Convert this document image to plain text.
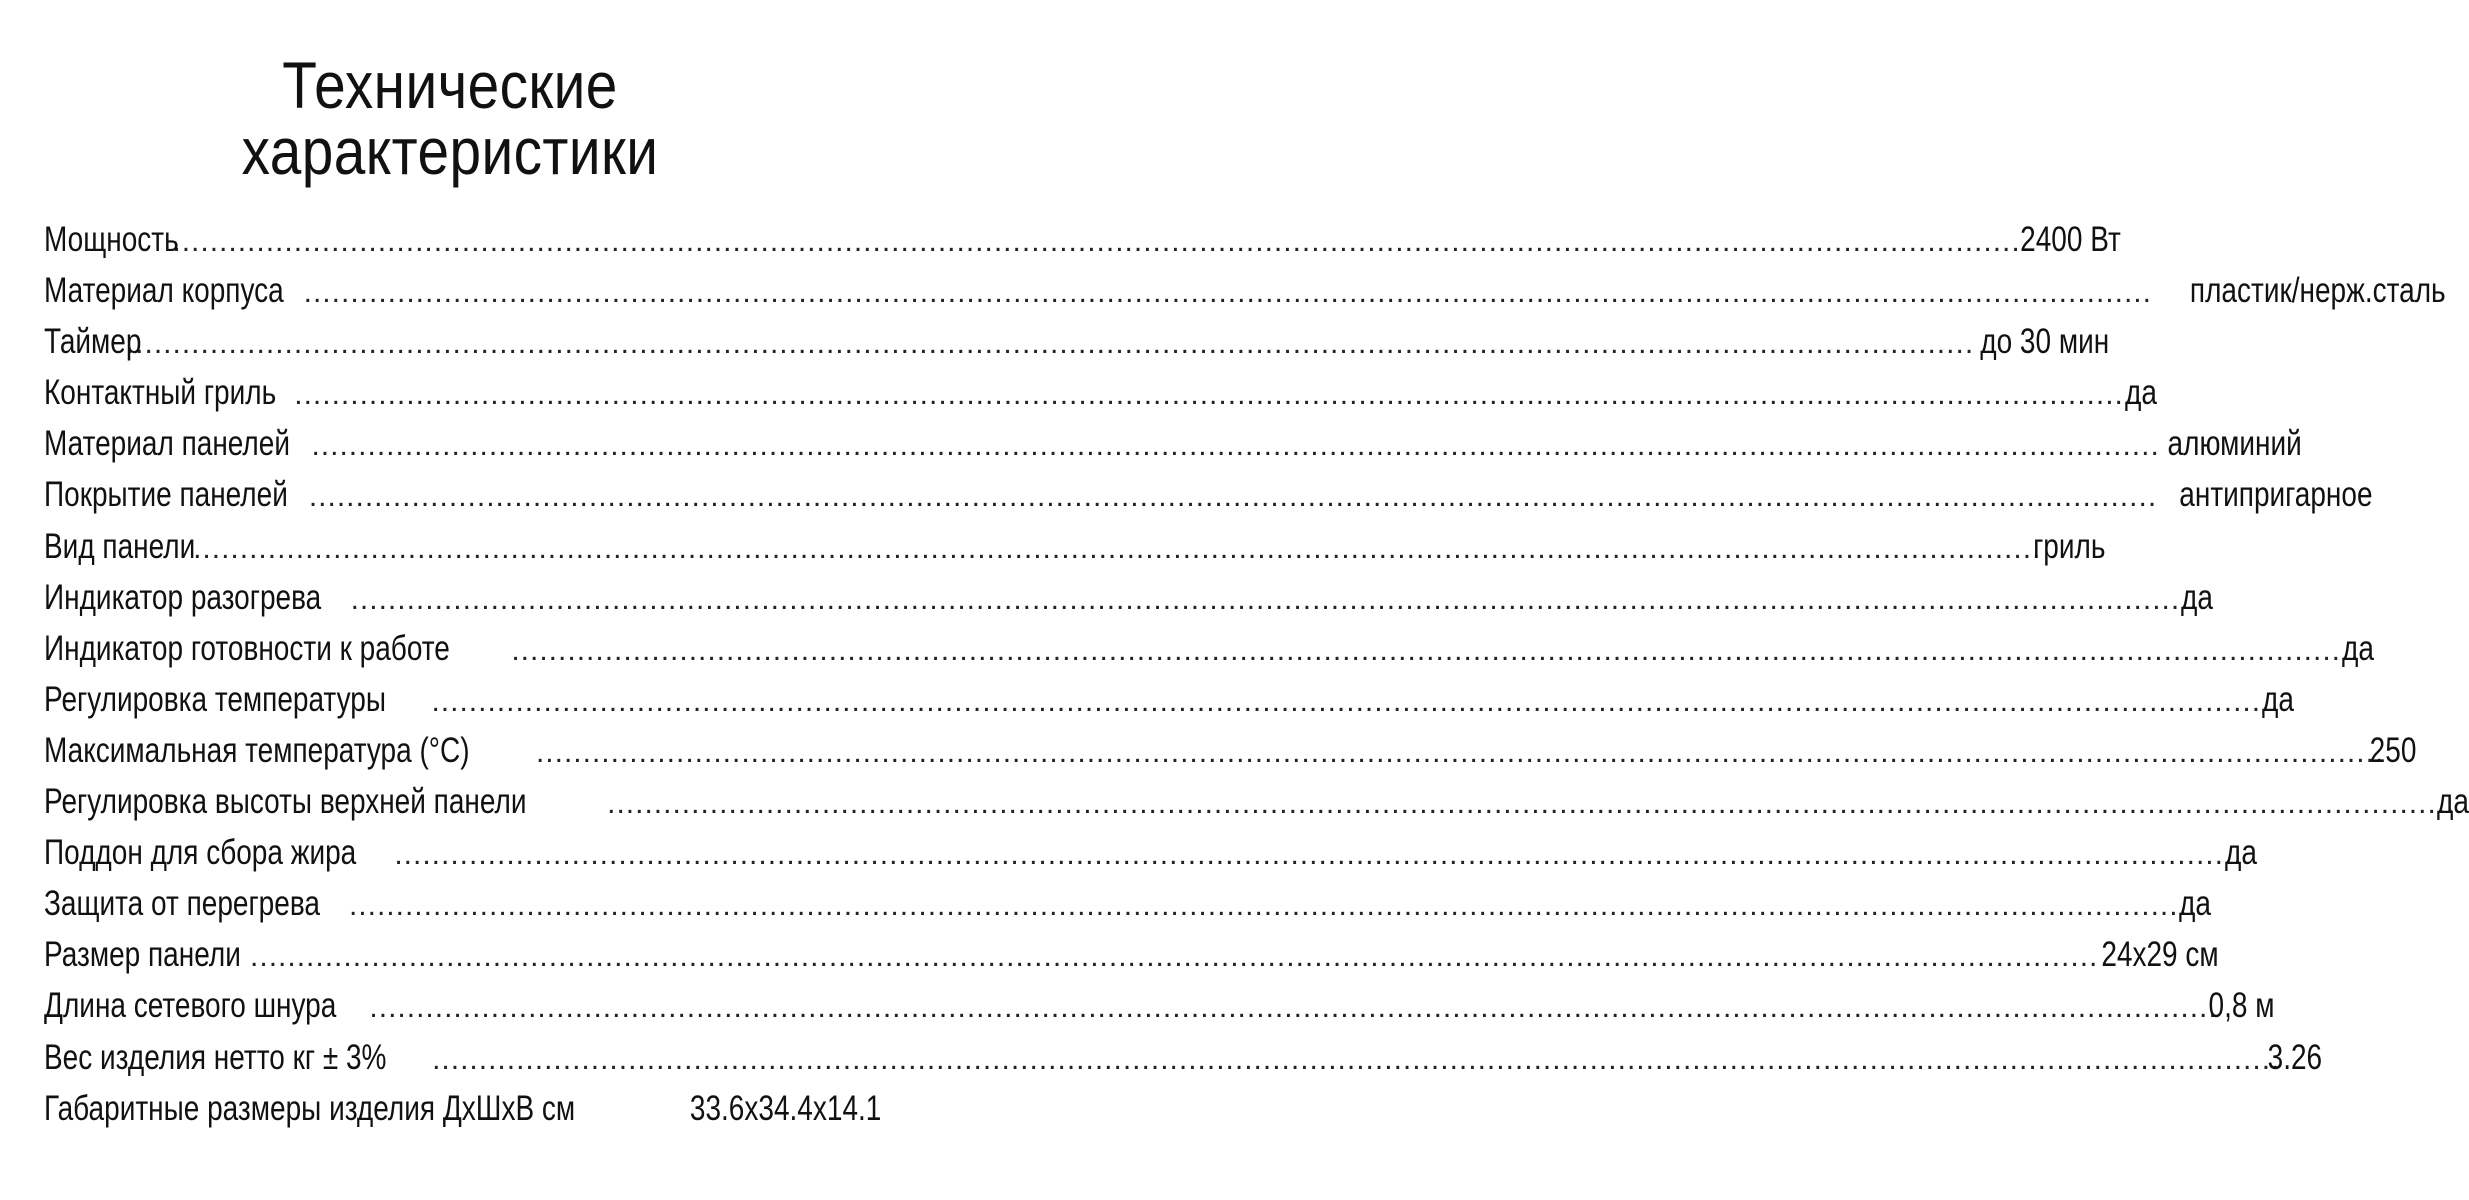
Технические
характеристики
Мощность .....	2400 Вт
Материал корпуса .....	пластик/нерж.сталь
Таймер .....	до 30 мин
Контактный гриль .....	да
Материал панелей .....	алюминий
Покрытие панелей .....	антипригарное
Вид панели .....	гриль
Индикатор разогрева .....	да
Индикатор готовности к работе .....	да
Регулировка температуры .....	да
Максимальная температура (°С) .....	250
Регулировка высоты верхней панели .....	да
Поддон для сбора жира .....	да
Защита от перегрева .....	да
Размер панели .....	24x29 см
Длина сетевого шнура .....	0,8 м
Вес изделия нетто кг ± 3% .....	3.26
Габаритные размеры изделия ДxШxВ см	33.6x34.4x14.1
